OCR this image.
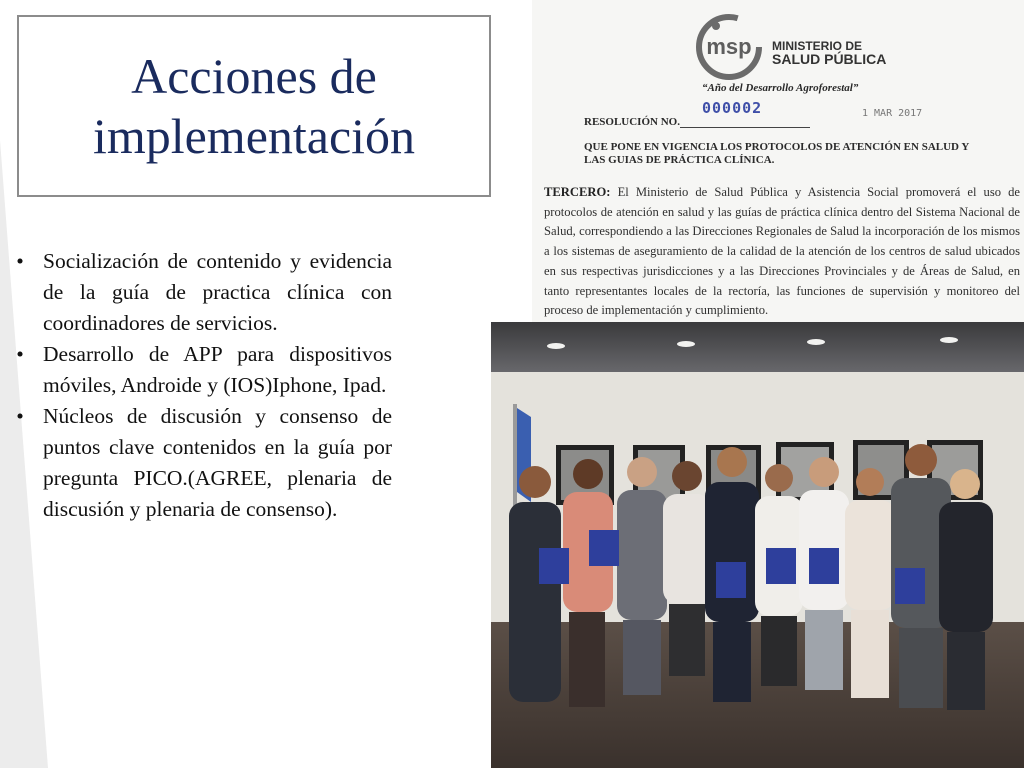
Acciones de implementación
• Socialización de contenido y evidencia de la guía de practica clínica con coordinadores de servicios.
• Desarrollo de APP para dispositivos móviles, Androide y (IOS)Iphone, Ipad.
• Núcleos de discusión y consenso de puntos clave contenidos en la guía por pregunta PICO.(AGREE, plenaria de discusión y plenaria de consenso).
msp MINISTERIO DE
SALUD PÚBLICA
“Año del Desarrollo Agroforestal”
000002	1 MAR 2017
RESOLUCIÓN NO.
QUE PONE EN VIGENCIA LOS PROTOCOLOS DE ATENCIÓN EN SALUD Y LAS GUIAS DE PRÁCTICA CLÍNICA.
TERCERO: El Ministerio de Salud Pública y Asistencia Social promoverá el uso de protocolos de atención en salud y las guías de práctica clínica dentro del Sistema Nacional de Salud, correspondiendo a las Direcciones Regionales de Salud la incorporación de los mismos a los sistemas de aseguramiento de la calidad de la atención de los centros de salud ubicados en sus respectivas jurisdicciones y a las Direcciones Provinciales y de Áreas de Salud, en tanto representantes locales de la rectoría, las funciones de supervisión y monitoreo del proceso de implementación y cumplimiento.
